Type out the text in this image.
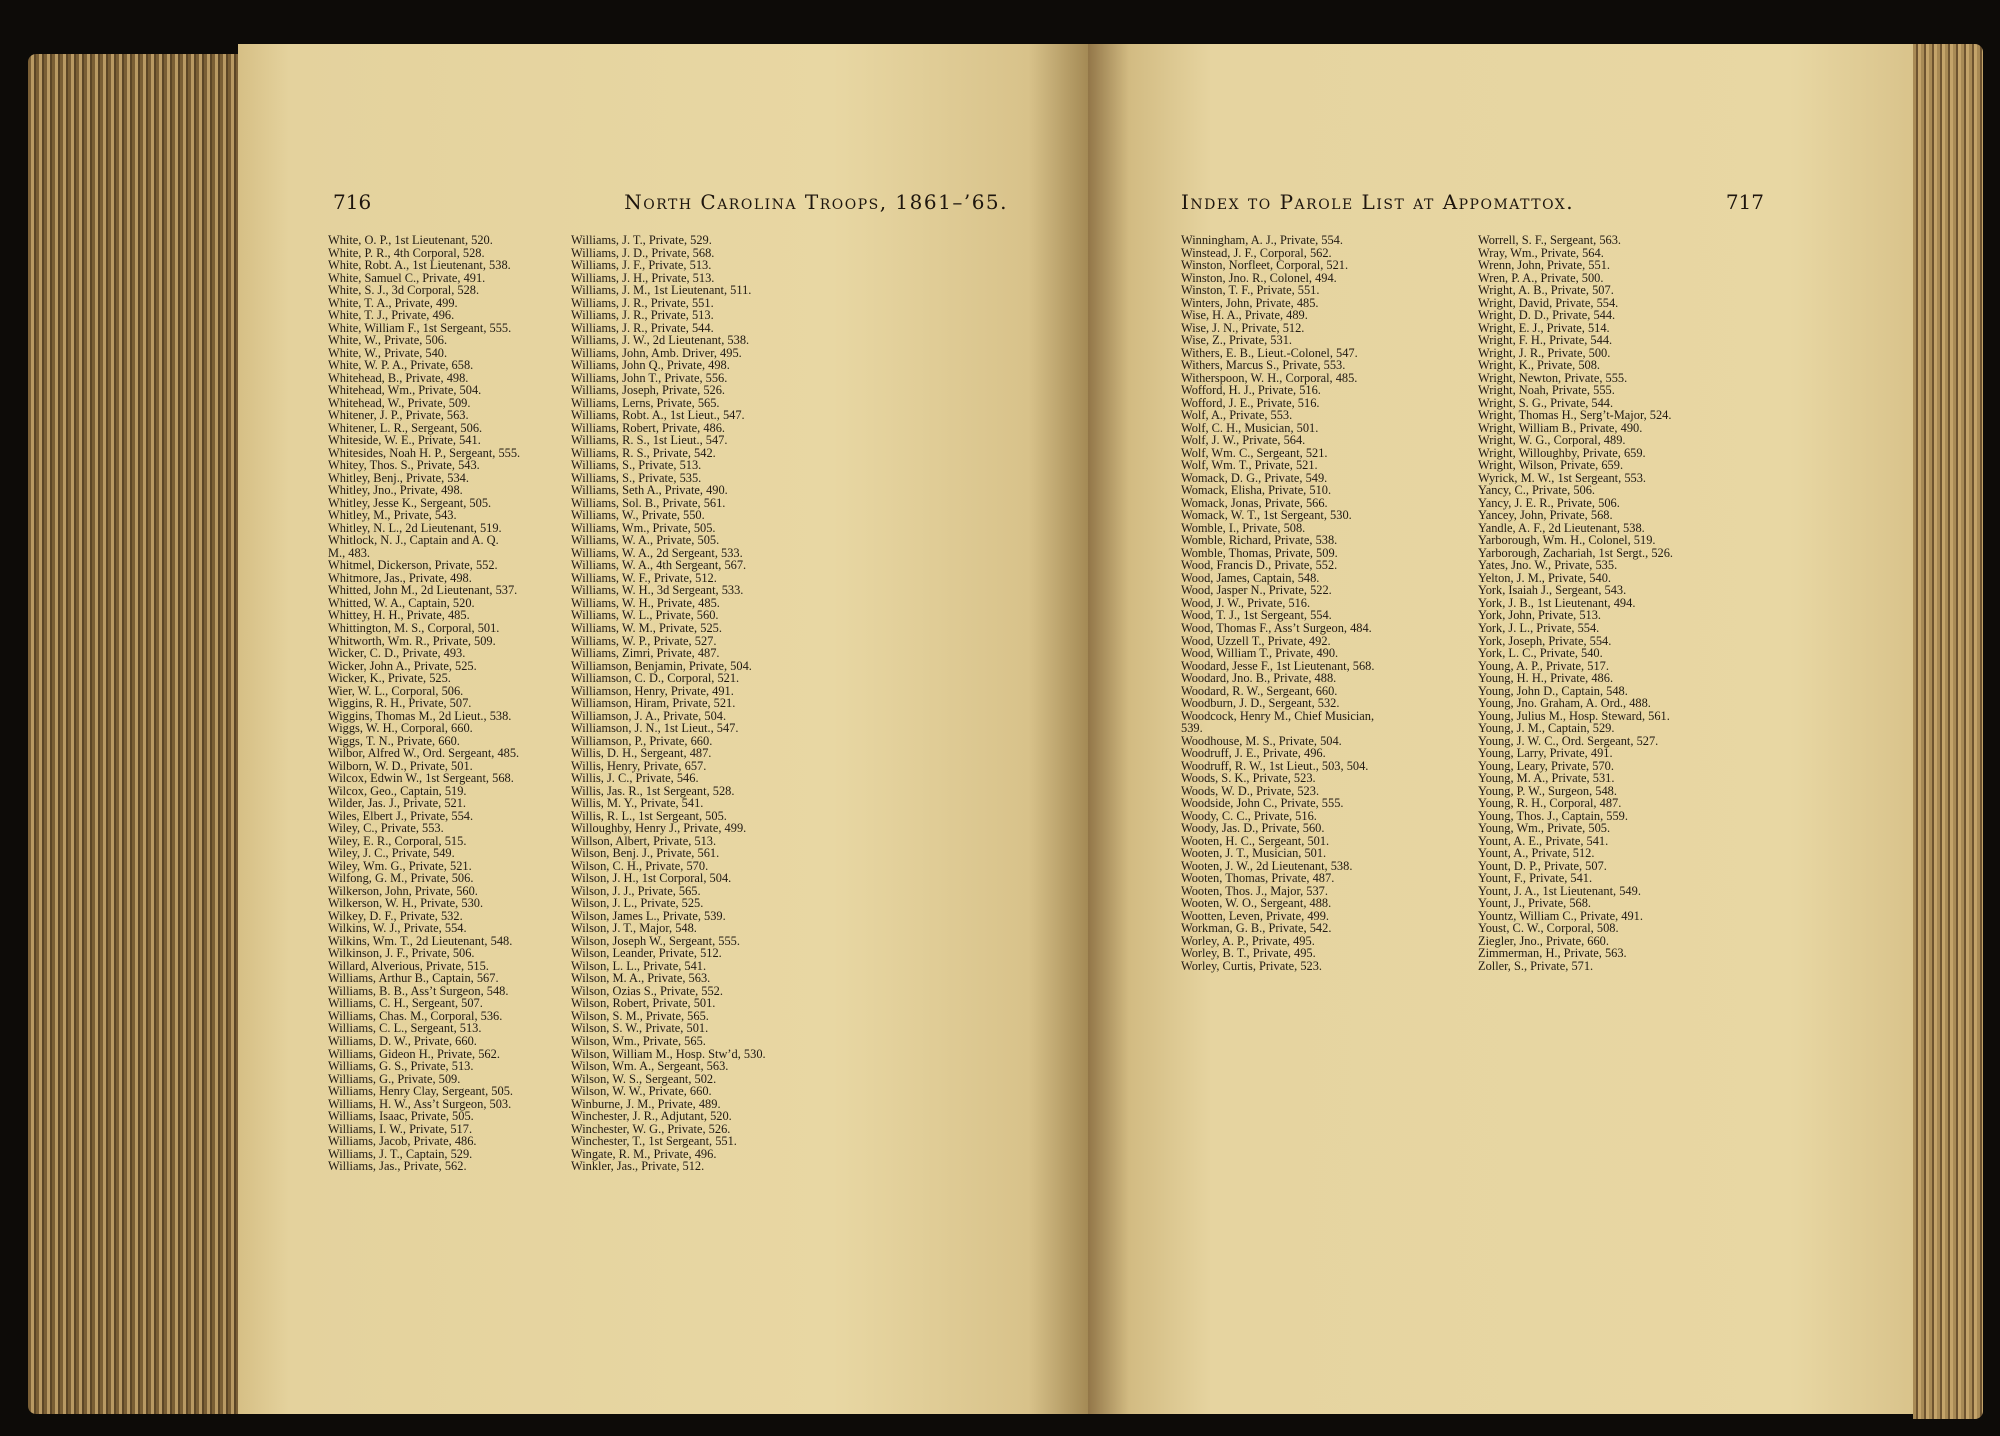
716	North Carolina Troops, 1861–’65.
White, O. P., 1st Lieutenant, 520.
White, P. R., 4th Corporal, 528.
White, Robt. A., 1st Lieutenant, 538.
White, Samuel C., Private, 491.
White, S. J., 3d Corporal, 528.
White, T. A., Private, 499.
White, T. J., Private, 496.
White, William F., 1st Sergeant, 555.
White, W., Private, 506.
White, W., Private, 540.
White, W. P. A., Private, 658.
Whitehead, B., Private, 498.
Whitehead, Wm., Private, 504.
Whitehead, W., Private, 509.
Whitener, J. P., Private, 563.
Whitener, L. R., Sergeant, 506.
Whiteside, W. E., Private, 541.
Whitesides, Noah H. P., Sergeant, 555.
Whitey, Thos. S., Private, 543.
Whitley, Benj., Private, 534.
Whitley, Jno., Private, 498.
Whitley, Jesse K., Sergeant, 505.
Whitley, M., Private, 543.
Whitley, N. L., 2d Lieutenant, 519.
Whitlock, N. J., Captain and A. Q.
M., 483.
Whitmel, Dickerson, Private, 552.
Whitmore, Jas., Private, 498.
Whitted, John M., 2d Lieutenant, 537.
Whitted, W. A., Captain, 520.
Whittey, H. H., Private, 485.
Whittington, M. S., Corporal, 501.
Whitworth, Wm. R., Private, 509.
Wicker, C. D., Private, 493.
Wicker, John A., Private, 525.
Wicker, K., Private, 525.
Wier, W. L., Corporal, 506.
Wiggins, R. H., Private, 507.
Wiggins, Thomas M., 2d Lieut., 538.
Wiggs, W. H., Corporal, 660.
Wiggs, T. N., Private, 660.
Wilbor, Alfred W., Ord. Sergeant, 485.
Wilborn, W. D., Private, 501.
Wilcox, Edwin W., 1st Sergeant, 568.
Wilcox, Geo., Captain, 519.
Wilder, Jas. J., Private, 521.
Wiles, Elbert J., Private, 554.
Wiley, C., Private, 553.
Wiley, E. R., Corporal, 515.
Wiley, J. C., Private, 549.
Wiley, Wm. G., Private, 521.
Wilfong, G. M., Private, 506.
Wilkerson, John, Private, 560.
Wilkerson, W. H., Private, 530.
Wilkey, D. F., Private, 532.
Wilkins, W. J., Private, 554.
Wilkins, Wm. T., 2d Lieutenant, 548.
Wilkinson, J. F., Private, 506.
Willard, Alverious, Private, 515.
Williams, Arthur B., Captain, 567.
Williams, B. B., Ass’t Surgeon, 548.
Williams, C. H., Sergeant, 507.
Williams, Chas. M., Corporal, 536.
Williams, C. L., Sergeant, 513.
Williams, D. W., Private, 660.
Williams, Gideon H., Private, 562.
Williams, G. S., Private, 513.
Williams, G., Private, 509.
Williams, Henry Clay, Sergeant, 505.
Williams, H. W., Ass’t Surgeon, 503.
Williams, Isaac, Private, 505.
Williams, I. W., Private, 517.
Williams, Jacob, Private, 486.
Williams, J. T., Captain, 529.
Williams, Jas., Private, 562.
Williams, J. T., Private, 529.
Williams, J. D., Private, 568.
Williams, J. F., Private, 513.
Williams, J. H., Private, 513.
Williams, J. M., 1st Lieutenant, 511.
Williams, J. R., Private, 551.
Williams, J. R., Private, 513.
Williams, J. R., Private, 544.
Williams, J. W., 2d Lieutenant, 538.
Williams, John, Amb. Driver, 495.
Williams, John Q., Private, 498.
Williams, John T., Private, 556.
Williams, Joseph, Private, 526.
Williams, Lerns, Private, 565.
Williams, Robt. A., 1st Lieut., 547.
Williams, Robert, Private, 486.
Williams, R. S., 1st Lieut., 547.
Williams, R. S., Private, 542.
Williams, S., Private, 513.
Williams, S., Private, 535.
Williams, Seth A., Private, 490.
Williams, Sol. B., Private, 561.
Williams, W., Private, 550.
Williams, Wm., Private, 505.
Williams, W. A., Private, 505.
Williams, W. A., 2d Sergeant, 533.
Williams, W. A., 4th Sergeant, 567.
Williams, W. F., Private, 512.
Williams, W. H., 3d Sergeant, 533.
Williams, W. H., Private, 485.
Williams, W. L., Private, 560.
Williams, W. M., Private, 525.
Williams, W. P., Private, 527.
Williams, Zimri, Private, 487.
Williamson, Benjamin, Private, 504.
Williamson, C. D., Corporal, 521.
Williamson, Henry, Private, 491.
Williamson, Hiram, Private, 521.
Williamson, J. A., Private, 504.
Williamson, J. N., 1st Lieut., 547.
Williamson, P., Private, 660.
Willis, D. H., Sergeant, 487.
Willis, Henry, Private, 657.
Willis, J. C., Private, 546.
Willis, Jas. R., 1st Sergeant, 528.
Willis, M. Y., Private, 541.
Willis, R. L., 1st Sergeant, 505.
Willoughby, Henry J., Private, 499.
Willson, Albert, Private, 513.
Wilson, Benj. J., Private, 561.
Wilson, C. H., Private, 570.
Wilson, J. H., 1st Corporal, 504.
Wilson, J. J., Private, 565.
Wilson, J. L., Private, 525.
Wilson, James L., Private, 539.
Wilson, J. T., Major, 548.
Wilson, Joseph W., Sergeant, 555.
Wilson, Leander, Private, 512.
Wilson, L. L., Private, 541.
Wilson, M. A., Private, 563.
Wilson, Ozias S., Private, 552.
Wilson, Robert, Private, 501.
Wilson, S. M., Private, 565.
Wilson, S. W., Private, 501.
Wilson, Wm., Private, 565.
Wilson, William M., Hosp. Stw’d, 530.
Wilson, Wm. A., Sergeant, 563.
Wilson, W. S., Sergeant, 502.
Wilson, W. W., Private, 660.
Winburne, J. M., Private, 489.
Winchester, J. R., Adjutant, 520.
Winchester, W. G., Private, 526.
Winchester, T., 1st Sergeant, 551.
Wingate, R. M., Private, 496.
Winkler, Jas., Private, 512.
Index to Parole List at Appomattox.	717
Winningham, A. J., Private, 554.
Winstead, J. F., Corporal, 562.
Winston, Norfleet, Corporal, 521.
Winston, Jno. R., Colonel, 494.
Winston, T. F., Private, 551.
Winters, John, Private, 485.
Wise, H. A., Private, 489.
Wise, J. N., Private, 512.
Wise, Z., Private, 531.
Withers, E. B., Lieut.-Colonel, 547.
Withers, Marcus S., Private, 553.
Witherspoon, W. H., Corporal, 485.
Wofford, H. J., Private, 516.
Wofford, J. E., Private, 516.
Wolf, A., Private, 553.
Wolf, C. H., Musician, 501.
Wolf, J. W., Private, 564.
Wolf, Wm. C., Sergeant, 521.
Wolf, Wm. T., Private, 521.
Womack, D. G., Private, 549.
Womack, Elisha, Private, 510.
Womack, Jonas, Private, 566.
Womack, W. T., 1st Sergeant, 530.
Womble, I., Private, 508.
Womble, Richard, Private, 538.
Womble, Thomas, Private, 509.
Wood, Francis D., Private, 552.
Wood, James, Captain, 548.
Wood, Jasper N., Private, 522.
Wood, J. W., Private, 516.
Wood, T. J., 1st Sergeant, 554.
Wood, Thomas F., Ass’t Surgeon, 484.
Wood, Uzzell T., Private, 492.
Wood, William T., Private, 490.
Woodard, Jesse F., 1st Lieutenant, 568.
Woodard, Jno. B., Private, 488.
Woodard, R. W., Sergeant, 660.
Woodburn, J. D., Sergeant, 532.
Woodcock, Henry M., Chief Musician,
539.
Woodhouse, M. S., Private, 504.
Woodruff, J. E., Private, 496.
Woodruff, R. W., 1st Lieut., 503, 504.
Woods, S. K., Private, 523.
Woods, W. D., Private, 523.
Woodside, John C., Private, 555.
Woody, C. C., Private, 516.
Woody, Jas. D., Private, 560.
Wooten, H. C., Sergeant, 501.
Wooten, J. T., Musician, 501.
Wooten, J. W., 2d Lieutenant, 538.
Wooten, Thomas, Private, 487.
Wooten, Thos. J., Major, 537.
Wooten, W. O., Sergeant, 488.
Wootten, Leven, Private, 499.
Workman, G. B., Private, 542.
Worley, A. P., Private, 495.
Worley, B. T., Private, 495.
Worley, Curtis, Private, 523.
Worrell, S. F., Sergeant, 563.
Wray, Wm., Private, 564.
Wrenn, John, Private, 551.
Wren, P. A., Private, 500.
Wright, A. B., Private, 507.
Wright, David, Private, 554.
Wright, D. D., Private, 544.
Wright, E. J., Private, 514.
Wright, F. H., Private, 544.
Wright, J. R., Private, 500.
Wright, K., Private, 508.
Wright, Newton, Private, 555.
Wright, Noah, Private, 555.
Wright, S. G., Private, 544.
Wright, Thomas H., Serg’t-Major, 524.
Wright, William B., Private, 490.
Wright, W. G., Corporal, 489.
Wright, Willoughby, Private, 659.
Wright, Wilson, Private, 659.
Wyrick, M. W., 1st Sergeant, 553.
Yancy, C., Private, 506.
Yancy, J. E. R., Private, 506.
Yancey, John, Private, 568.
Yandle, A. F., 2d Lieutenant, 538.
Yarborough, Wm. H., Colonel, 519.
Yarborough, Zachariah, 1st Sergt., 526.
Yates, Jno. W., Private, 535.
Yelton, J. M., Private, 540.
York, Isaiah J., Sergeant, 543.
York, J. B., 1st Lieutenant, 494.
York, John, Private, 513.
York, J. L., Private, 554.
York, Joseph, Private, 554.
York, L. C., Private, 540.
Young, A. P., Private, 517.
Young, H. H., Private, 486.
Young, John D., Captain, 548.
Young, Jno. Graham, A. Ord., 488.
Young, Julius M., Hosp. Steward, 561.
Young, J. M., Captain, 529.
Young, J. W. C., Ord. Sergeant, 527.
Young, Larry, Private, 491.
Young, Leary, Private, 570.
Young, M. A., Private, 531.
Young, P. W., Surgeon, 548.
Young, R. H., Corporal, 487.
Young, Thos. J., Captain, 559.
Young, Wm., Private, 505.
Yount, A. E., Private, 541.
Yount, A., Private, 512.
Yount, D. P., Private, 507.
Yount, F., Private, 541.
Yount, J. A., 1st Lieutenant, 549.
Yount, J., Private, 568.
Yountz, William C., Private, 491.
Youst, C. W., Corporal, 508.
Ziegler, Jno., Private, 660.
Zimmerman, H., Private, 563.
Zoller, S., Private, 571.
